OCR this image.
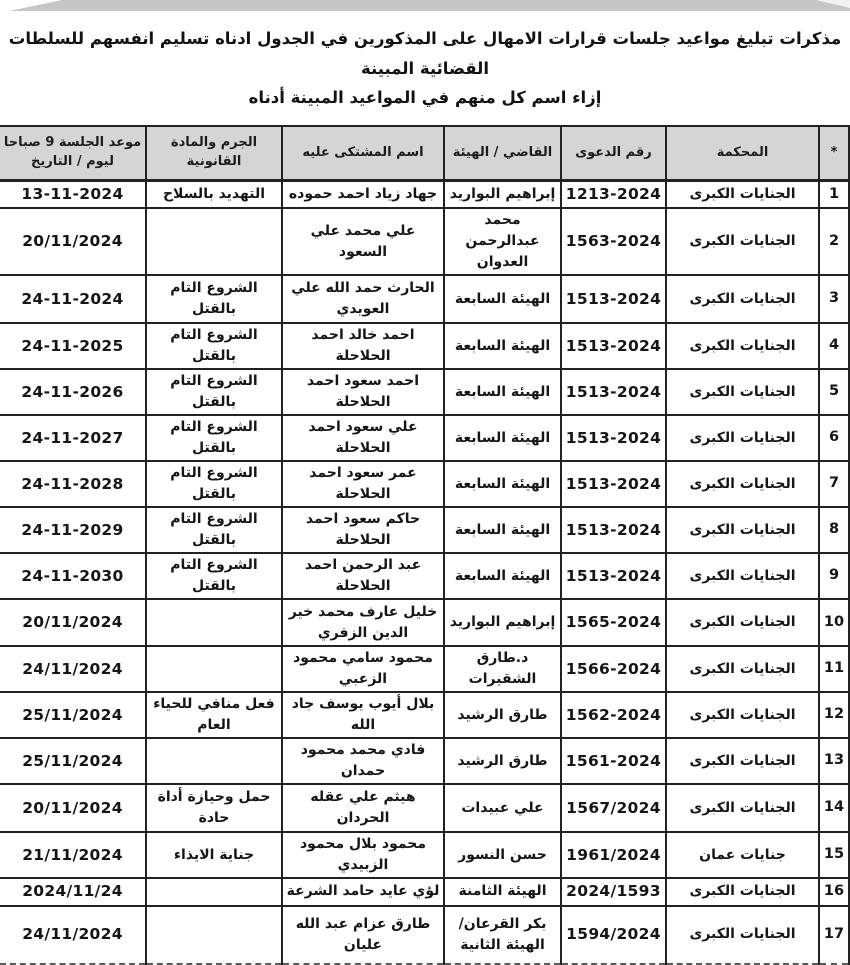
مذكرات تبليغ مواعيد جلسات قرارات الامهال على المذكورين في الجدول ادناه تسليم انفسهم للسلطات القضائية المبينة
إزاء اسم كل منهم في المواعيد المبينة أدناه
*	المحكمة	رقم الدعوى	القاضي / الهيئة	اسم المشتكى عليه	الجرم والمادة القانونية	موعد الجلسة 9 صباحا ليوم / التاريخ
1	الجنايات الكبرى	1213-2024	إبراهيم البواريد	جهاد زياد احمد حموده	التهديد بالسلاح	13-11-2024
2	الجنايات الكبرى	1563-2024	محمد عبدالرحمن العدوان	علي محمد علي السعود		20/11/2024
3	الجنايات الكبرى	1513-2024	الهيئة السابعة	الحارث حمد الله علي العويدي	الشروع التام بالقتل	24-11-2024
4	الجنايات الكبرى	1513-2024	الهيئة السابعة	احمد خالد احمد الحلاحلة	الشروع التام بالقتل	24-11-2025
5	الجنايات الكبرى	1513-2024	الهيئة السابعة	احمد سعود احمد الحلاحلة	الشروع التام بالقتل	24-11-2026
6	الجنايات الكبرى	1513-2024	الهيئة السابعة	علي سعود احمد الحلاحلة	الشروع التام بالقتل	24-11-2027
7	الجنايات الكبرى	1513-2024	الهيئة السابعة	عمر سعود احمد الحلاحلة	الشروع التام بالقتل	24-11-2028
8	الجنايات الكبرى	1513-2024	الهيئة السابعة	حاكم سعود احمد الحلاحلة	الشروع التام بالقتل	24-11-2029
9	الجنايات الكبرى	1513-2024	الهيئة السابعة	عبد الرحمن احمد الحلاحلة	الشروع التام بالقتل	24-11-2030
10	الجنايات الكبرى	1565-2024	إبراهيم البواريد	خليل عارف محمد خير الدين الزفري		20/11/2024
11	الجنايات الكبرى	1566-2024	د.طارق الشقيرات	محمود سامي محمود الزعبي		24/11/2024
12	الجنايات الكبرى	1562-2024	طارق الرشيد	بلال أيوب يوسف جاد الله	فعل منافي للحياء العام	25/11/2024
13	الجنايات الكبرى	1561-2024	طارق الرشيد	فادي محمد محمود حمدان		25/11/2024
14	الجنايات الكبرى	1567/2024	علي عبيدات	هيثم علي عقله الحردان	حمل وحيازة أداة حادة	20/11/2024
15	جنايات عمان	1961/2024	حسن النسور	محمود بلال محمود الزبيدي	جناية الايذاء	21/11/2024
16	الجنايات الكبرى	2024/1593	الهيئة الثامنة	لؤي عايد حامد الشرعة		2024/11/24
17	الجنايات الكبرى	1594/2024	بكر القرعان/الهيئة الثانية	طارق عزام عبد الله عليان		24/11/2024
